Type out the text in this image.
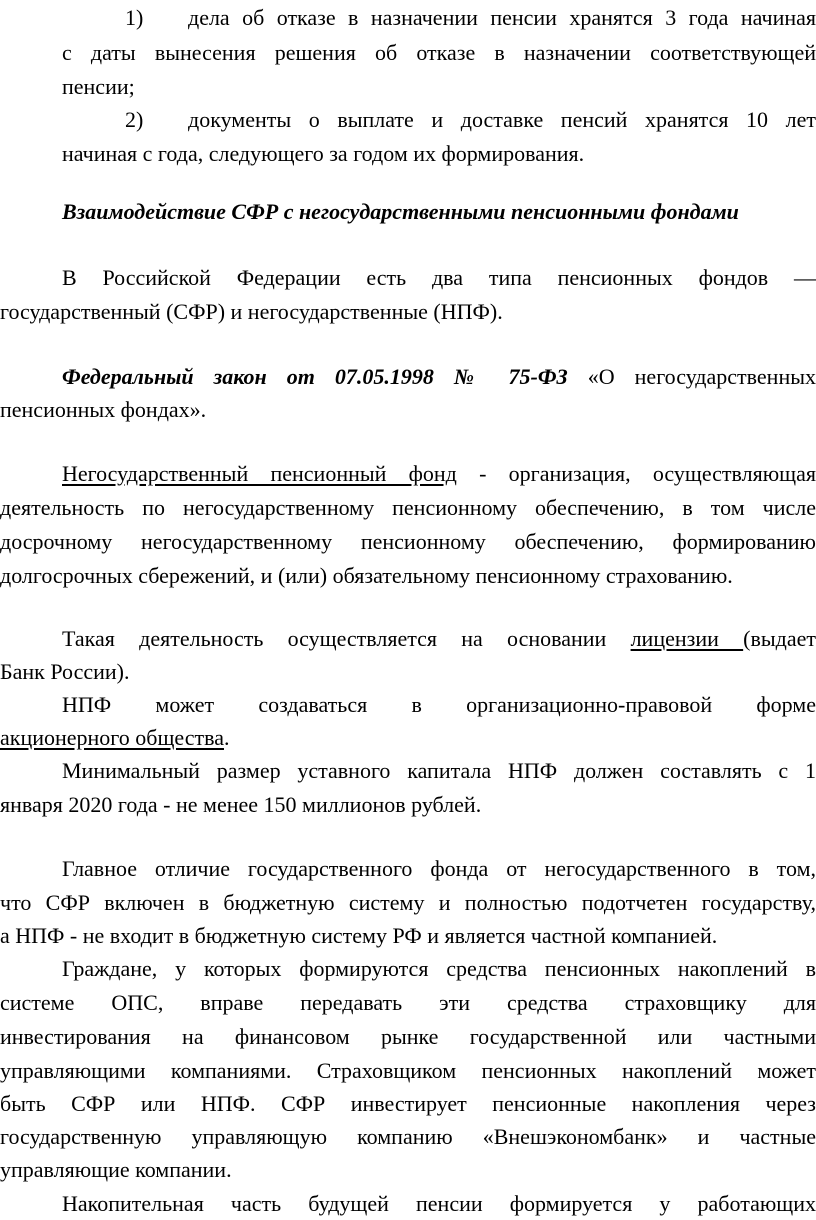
1) дела об отказе в назначении пенсии хранятся 3 года начиная
с даты вынесения решения об отказе в назначении соответствующей
пенсии;
2) документы о выплате и доставке пенсий хранятся 10 лет
начиная с года, следующего за годом их формирования.
Взаимодействие СФР с негосударственными пенсионными фондами
В Российской Федерации есть два типа пенсионных фондов —
государственный (СФР) и негосударственные (НПФ).
Федеральный закон от 07.05.1998 № 75-ФЗ «О негосударственных
пенсионных фондах».
Негосударственный пенсионный фонд - организация, осуществляющая
деятельность по негосударственному пенсионному обеспечению, в том числе
досрочному негосударственному пенсионному обеспечению, формированию
долгосрочных сбережений, и (или) обязательному пенсионному страхованию.
Такая деятельность осуществляется на основании лицензии (выдает
Банк России).
НПФ может создаваться в организационно-правовой форме
акционерного общества.
Минимальный размер уставного капитала НПФ должен составлять с 1
января 2020 года - не менее 150 миллионов рублей.
Главное отличие государственного фонда от негосударственного в том,
что СФР включен в бюджетную систему и полностью подотчетен государству,
а НПФ - не входит в бюджетную систему РФ и является частной компанией.
Граждане, у которых формируются средства пенсионных накоплений в
системе ОПС, вправе передавать эти средства страховщику для
инвестирования на финансовом рынке государственной или частными
управляющими компаниями. Страховщиком пенсионных накоплений может
быть СФР или НПФ. СФР инвестирует пенсионные накопления через
государственную управляющую компанию «Внешэкономбанк» и частные
управляющие компании.
Накопительная часть будущей пенсии формируется у работающих
